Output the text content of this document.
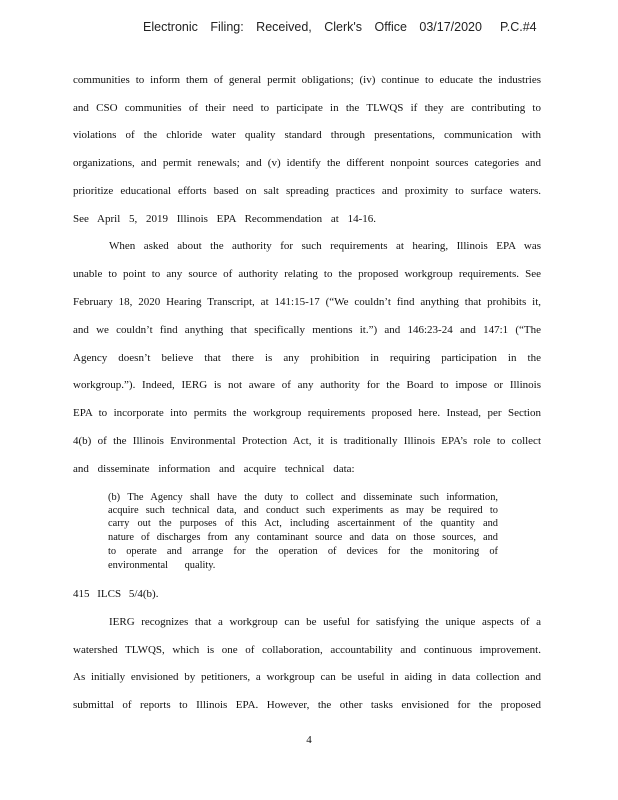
Electronic Filing: Received, Clerk's Office 03/17/2020 P.C.#4
communities to inform them of general permit obligations; (iv) continue to educate the industries
and CSO communities of their need to participate in the TLWQS if they are contributing to
violations of the chloride water quality standard through presentations, communication with
organizations, and permit renewals; and (v) identify the different nonpoint sources categories and
prioritize educational efforts based on salt spreading practices and proximity to surface waters.
See April 5, 2019 Illinois EPA Recommendation at 14-16.
When asked about the authority for such requirements at hearing, Illinois EPA was
unable to point to any source of authority relating to the proposed workgroup requirements. See
February 18, 2020 Hearing Transcript, at 141:15-17 (“We couldn’t find anything that prohibits it,
and we couldn’t find anything that specifically mentions it.”) and 146:23-24 and 147:1 (“The
Agency doesn’t believe that there is any prohibition in requiring participation in the
workgroup.”). Indeed, IERG is not aware of any authority for the Board to impose or Illinois
EPA to incorporate into permits the workgroup requirements proposed here. Instead, per Section
4(b) of the Illinois Environmental Protection Act, it is traditionally Illinois EPA’s role to collect
and disseminate information and acquire technical data:
(b) The Agency shall have the duty to collect and disseminate such information,
acquire such technical data, and conduct such experiments as may be required to
carry out the purposes of this Act, including ascertainment of the quantity and
nature of discharges from any contaminant source and data on those sources, and
to operate and arrange for the operation of devices for the monitoring of
environmental quality.
415 ILCS 5/4(b).
IERG recognizes that a workgroup can be useful for satisfying the unique aspects of a
watershed TLWQS, which is one of collaboration, accountability and continuous improvement.
As initially envisioned by petitioners, a workgroup can be useful in aiding in data collection and
submittal of reports to Illinois EPA. However, the other tasks envisioned for the proposed
4
